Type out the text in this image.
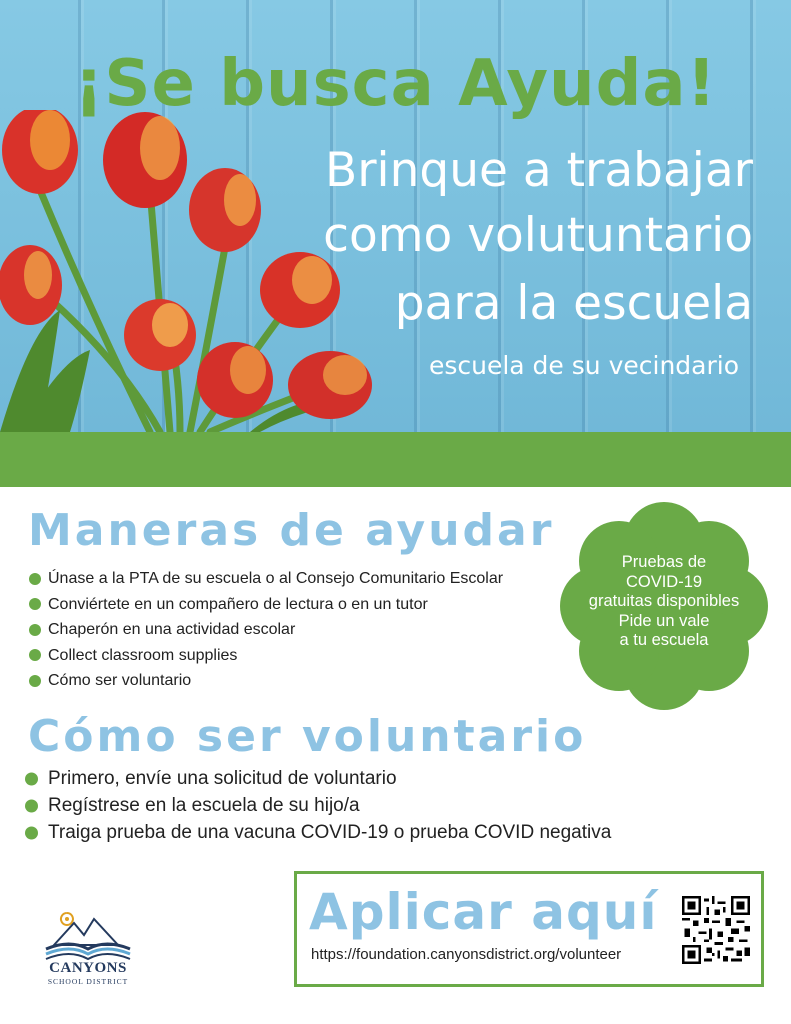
¡Se busca Ayuda!
Brinque a trabajar
como volutuntario
para la escuela
escuela de su vecindario
Maneras de ayudar
Únase a la PTA de su escuela o al Consejo Comunitario Escolar
Conviértete en un compañero de lectura o en un tutor
Chaperón en una actividad escolar
Collect classroom supplies
Cómo ser voluntario
Pruebas de
COVID-19
gratuitas disponibles
Pide un vale
a tu escuela
Cómo ser voluntario
Primero, envíe una solicitud de voluntario
Regístrese en la escuela de su hijo/a
Traiga prueba de una vacuna COVID-19 o prueba COVID negativa
CANYONS
SCHOOL DISTRICT
Aplicar aquí
https://foundation.canyonsdistrict.org/volunteer
